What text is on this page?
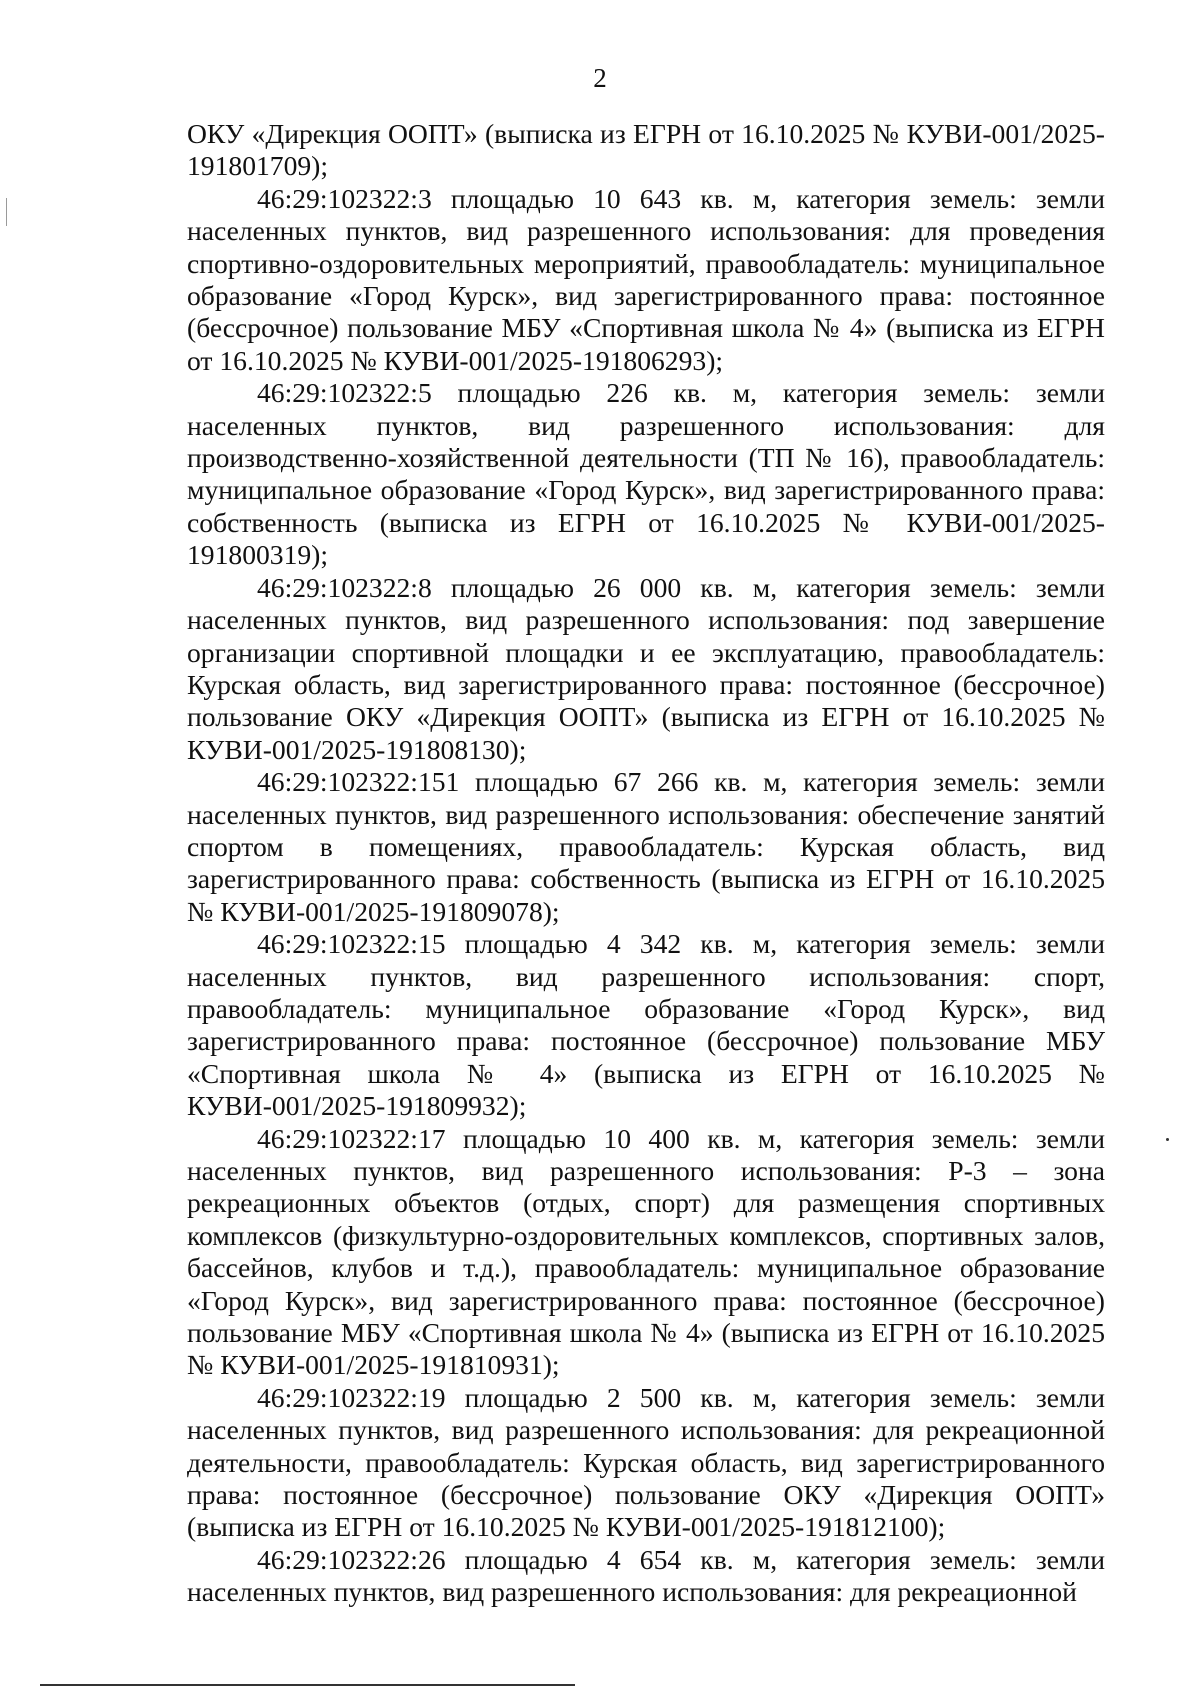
2

ОКУ «Дирекция ООПТ» (выписка из ЕГРН от 16.10.2025 № КУВИ-001/2025-191801709);

46:29:102322:3 площадью 10 643 кв. м, категория земель: земли населенных пунктов, вид разрешенного использования: для проведения спортивно-оздоровительных мероприятий, правообладатель: муниципальное образование «Город Курск», вид зарегистрированного права: постоянное (бессрочное) пользование МБУ «Спортивная школа № 4» (выписка из ЕГРН от 16.10.2025 № КУВИ-001/2025-191806293);

46:29:102322:5 площадью 226 кв. м, категория земель: земли населенных пунктов, вид разрешенного использования: для производственно-хозяйственной деятельности (ТП № 16), правообладатель: муниципальное образование «Город Курск», вид зарегистрированного права: собственность (выписка из ЕГРН от 16.10.2025 № КУВИ-001/2025-191800319);

46:29:102322:8 площадью 26 000 кв. м, категория земель: земли населенных пунктов, вид разрешенного использования: под завершение организации спортивной площадки и ее эксплуатацию, правообладатель: Курская область, вид зарегистрированного права: постоянное (бессрочное) пользование ОКУ «Дирекция ООПТ» (выписка из ЕГРН от 16.10.2025 № КУВИ-001/2025-191808130);

46:29:102322:151 площадью 67 266 кв. м, категория земель: земли населенных пунктов, вид разрешенного использования: обеспечение занятий спортом в помещениях, правообладатель: Курская область, вид зарегистрированного права: собственность (выписка из ЕГРН от 16.10.2025 № КУВИ-001/2025-191809078);

46:29:102322:15 площадью 4 342 кв. м, категория земель: земли населенных пунктов, вид разрешенного использования: спорт, правообладатель: муниципальное образование «Город Курск», вид зарегистрированного права: постоянное (бессрочное) пользование МБУ «Спортивная школа № 4» (выписка из ЕГРН от 16.10.2025 № КУВИ-001/2025-191809932);

46:29:102322:17 площадью 10 400 кв. м, категория земель: земли населенных пунктов, вид разрешенного использования: Р-3 – зона рекреационных объектов (отдых, спорт) для размещения спортивных комплексов (физкультурно-оздоровительных комплексов, спортивных залов, бассейнов, клубов и т.д.), правообладатель: муниципальное образование «Город Курск», вид зарегистрированного права: постоянное (бессрочное) пользование МБУ «Спортивная школа № 4» (выписка из ЕГРН от 16.10.2025 № КУВИ-001/2025-191810931);

46:29:102322:19 площадью 2 500 кв. м, категория земель: земли населенных пунктов, вид разрешенного использования: для рекреационной деятельности, правообладатель: Курская область, вид зарегистрированного права: постоянное (бессрочное) пользование ОКУ «Дирекция ООПТ» (выписка из ЕГРН от 16.10.2025 № КУВИ-001/2025-191812100);

46:29:102322:26 площадью 4 654 кв. м, категория земель: земли населенных пунктов, вид разрешенного использования: для рекреационной
